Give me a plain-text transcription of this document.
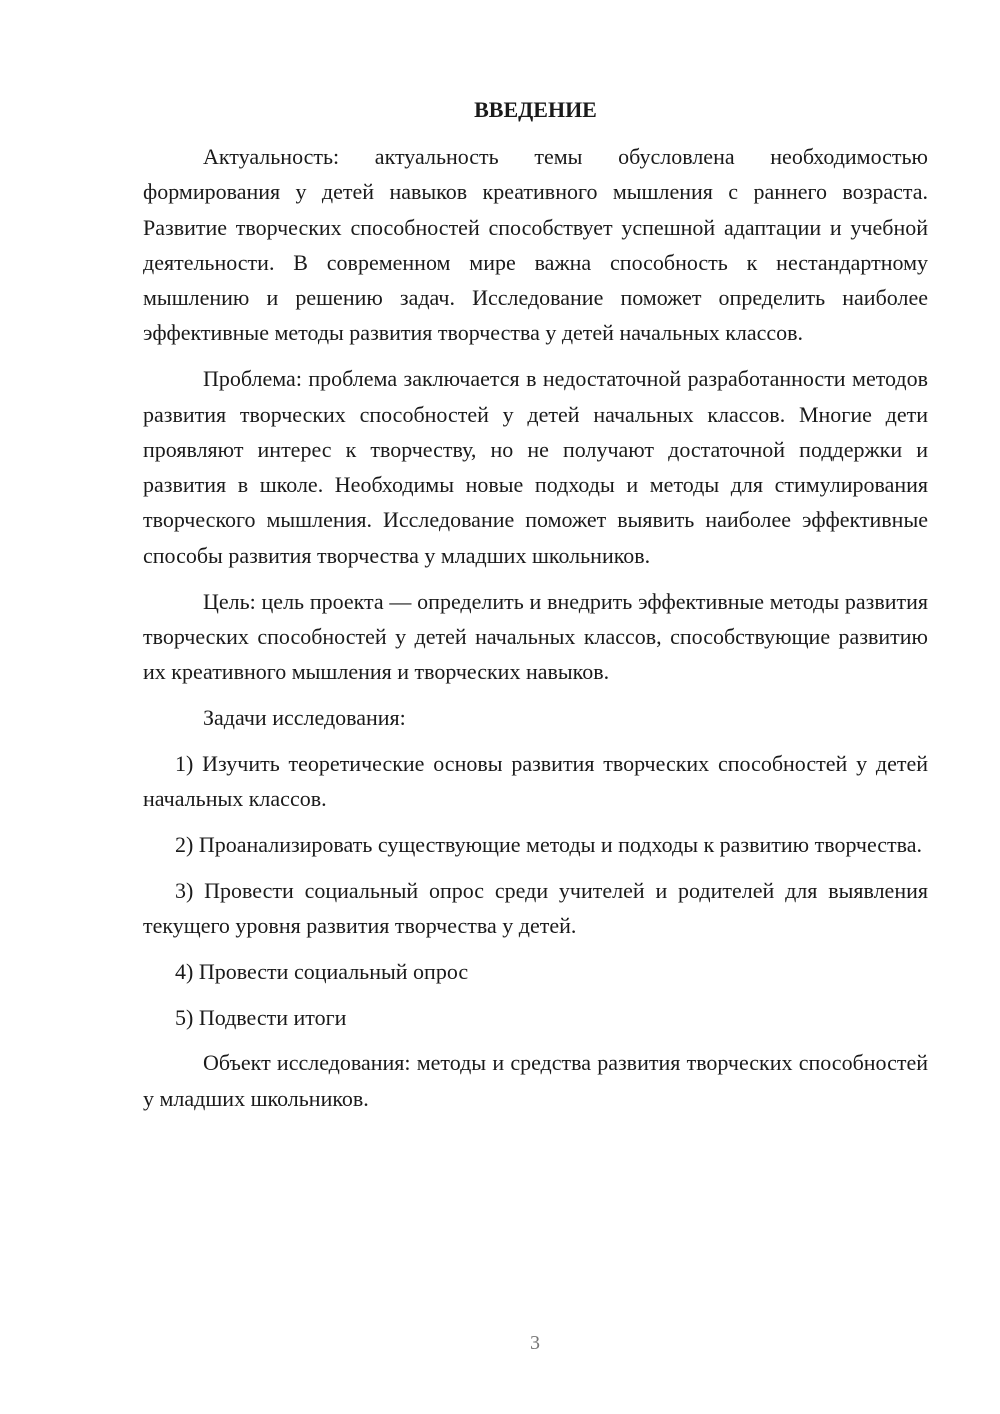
ВВЕДЕНИЕ

Актуальность: актуальность темы обусловлена необходимостью формирования у детей навыков креативного мышления с раннего возраста. Развитие творческих способностей способствует успешной адаптации и учебной деятельности. В современном мире важна способность к нестандартному мышлению и решению задач. Исследование поможет определить наиболее эффективные методы развития творчества у детей начальных классов.

Проблема: проблема заключается в недостаточной разработанности методов развития творческих способностей у детей начальных классов. Многие дети проявляют интерес к творчеству, но не получают достаточной поддержки и развития в школе. Необходимы новые подходы и методы для стимулирования творческого мышления. Исследование поможет выявить наиболее эффективные способы развития творчества у младших школьников.

Цель: цель проекта — определить и внедрить эффективные методы развития творческих способностей у детей начальных классов, способствующие развитию их креативного мышления и творческих навыков.

Задачи исследования:

1) Изучить теоретические основы развития творческих способностей у детей начальных классов.

2) Проанализировать существующие методы и подходы к развитию творчества.

3) Провести социальный опрос среди учителей и родителей для выявления текущего уровня развития творчества у детей.

4) Провести социальный опрос

5) Подвести итоги

Объект исследования: методы и средства развития творческих способностей у младших школьников.

3
